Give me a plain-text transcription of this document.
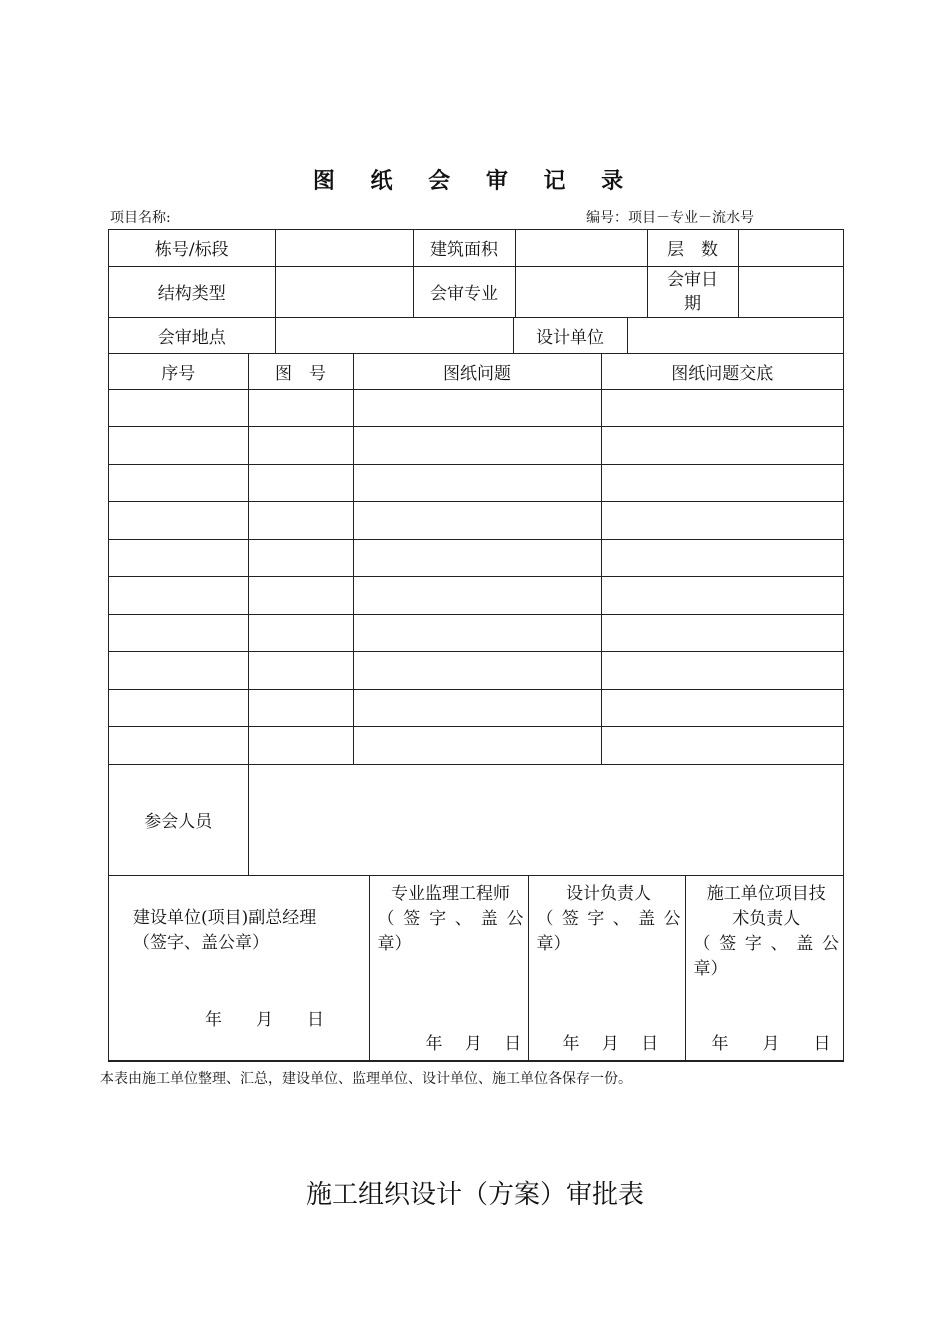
图 纸 会 审 记 录
项目名称:	编号：项目－专业－流水号
栋号/标段		建筑面积		层　数	
结构类型		会审专业		会审日
期	

会审地点		设计单位	
序号	图　号	图纸问题	图纸问题交底

参会人员			
建设单位(项目)副总经理
（签字、盖公章）
年　　月　　日

专业监理工程师
（签字、盖公
章）
年　 月　 日

设计负责人
（签字、盖公
章）
年　 月　 日

施工单位项目技
术负责人
（签字、盖公
章）
年　　月　　日
本表由施工单位整理、汇总，建设单位、监理单位、设计单位、施工单位各保存一份。
施工组织设计（方案）审批表
